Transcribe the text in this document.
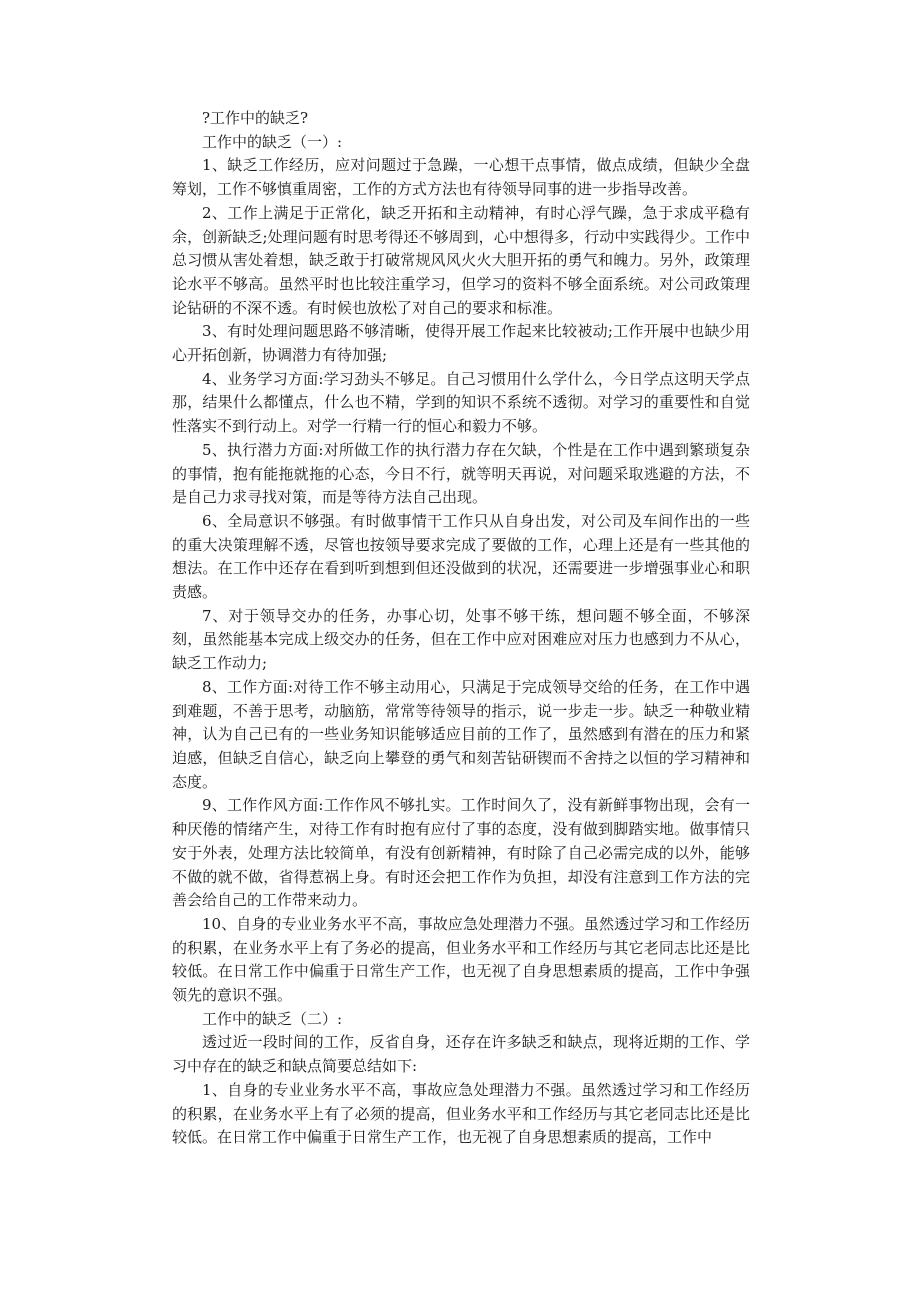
?工作中的缺乏?

工作中的缺乏（一）:

1、缺乏工作经历，应对问题过于急躁，一心想干点事情，做点成绩，但缺少全盘筹划，工作不够慎重周密，工作的方式方法也有待领导同事的进一步指导改善。

2、工作上满足于正常化，缺乏开拓和主动精神，有时心浮气躁，急于求成平稳有余，创新缺乏;处理问题有时思考得还不够周到，心中想得多，行动中实践得少。工作中总习惯从害处着想，缺乏敢于打破常规风风火火大胆开拓的勇气和魄力。另外，政策理论水平不够高。虽然平时也比较注重学习，但学习的资料不够全面系统。对公司政策理论钻研的不深不透。有时候也放松了对自己的要求和标准。

3、有时处理问题思路不够清晰，使得开展工作起来比较被动;工作开展中也缺少用心开拓创新，协调潜力有待加强;

4、业务学习方面:学习劲头不够足。自己习惯用什么学什么，今日学点这明天学点那，结果什么都懂点，什么也不精，学到的知识不系统不透彻。对学习的重要性和自觉性落实不到行动上。对学一行精一行的恒心和毅力不够。

5、执行潜力方面:对所做工作的执行潜力存在欠缺，个性是在工作中遇到繁琐复杂的事情，抱有能拖就拖的心态，今日不行，就等明天再说，对问题采取逃避的方法，不是自己力求寻找对策，而是等待方法自己出现。

6、全局意识不够强。有时做事情干工作只从自身出发，对公司及车间作出的一些的重大决策理解不透，尽管也按领导要求完成了要做的工作，心理上还是有一些其他的想法。在工作中还存在看到听到想到但还没做到的状况，还需要进一步增强事业心和职责感。

7、对于领导交办的任务，办事心切，处事不够干练，想问题不够全面，不够深刻，虽然能基本完成上级交办的任务，但在工作中应对困难应对压力也感到力不从心，缺乏工作动力;

8、工作方面:对待工作不够主动用心，只满足于完成领导交给的任务，在工作中遇到难题，不善于思考，动脑筋，常常等待领导的指示，说一步走一步。缺乏一种敬业精神，认为自己已有的一些业务知识能够适应目前的工作了，虽然感到有潜在的压力和紧迫感，但缺乏自信心，缺乏向上攀登的勇气和刻苦钻研锲而不舍持之以恒的学习精神和态度。

9、工作作风方面:工作作风不够扎实。工作时间久了，没有新鲜事物出现，会有一种厌倦的情绪产生，对待工作有时抱有应付了事的态度，没有做到脚踏实地。做事情只安于外表，处理方法比较简单，有没有创新精神，有时除了自己必需完成的以外，能够不做的就不做，省得惹祸上身。有时还会把工作作为负担，却没有注意到工作方法的完善会给自己的工作带来动力。

10、自身的专业业务水平不高，事故应急处理潜力不强。虽然透过学习和工作经历的积累，在业务水平上有了务必的提高，但业务水平和工作经历与其它老同志比还是比较低。在日常工作中偏重于日常生产工作，也无视了自身思想素质的提高，工作中争强领先的意识不强。

工作中的缺乏（二）:

透过近一段时间的工作，反省自身，还存在许多缺乏和缺点，现将近期的工作、学习中存在的缺乏和缺点简要总结如下:

1、自身的专业业务水平不高，事故应急处理潜力不强。虽然透过学习和工作经历的积累，在业务水平上有了必须的提高，但业务水平和工作经历与其它老同志比还是比较低。在日常工作中偏重于日常生产工作，也无视了自身思想素质的提高，工作中
